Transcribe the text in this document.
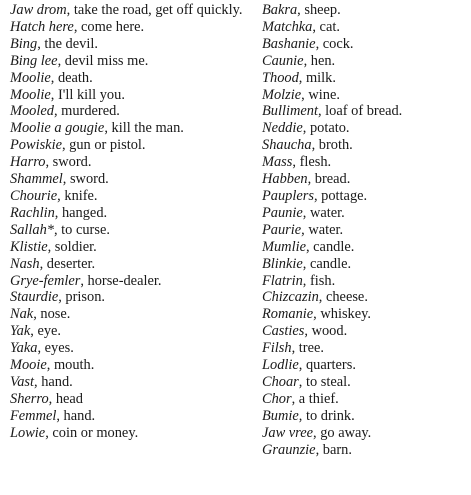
Jaw drom, take the road, get off quickly.
Hatch here, come here.
Bing, the devil.
Bing lee, devil miss me.
Moolie, death.
Moolie, I'll kill you.
Mooled, murdered.
Moolie a gougie, kill the man.
Powiskie, gun or pistol.
Harro, sword.
Shammel, sword.
Chourie, knife.
Rachlin, hanged.
Sallah*, to curse.
Klistie, soldier.
Nash, deserter.
Grye-femler, horse-dealer.
Staurdie, prison.
Nak, nose.
Yak, eye.
Yaka, eyes.
Mooie, mouth.
Vast, hand.
Sherro, head
Femmel, hand.
Lowie, coin or money.
Bakra, sheep.
Matchka, cat.
Bashanie, cock.
Caunie, hen.
Thood, milk.
Molzie, wine.
Bulliment, loaf of bread.
Neddie, potato.
Shaucha, broth.
Mass, flesh.
Habben, bread.
Pauplers, pottage.
Paunie, water.
Paurie, water.
Mumlie, candle.
Blinkie, candle.
Flatrin, fish.
Chizcazin, cheese.
Romanie, whiskey.
Casties, wood.
Filsh, tree.
Lodlie, quarters.
Choar, to steal.
Chor, a thief.
Bumie, to drink.
Jaw vree, go away.
Graunzie, barn.
